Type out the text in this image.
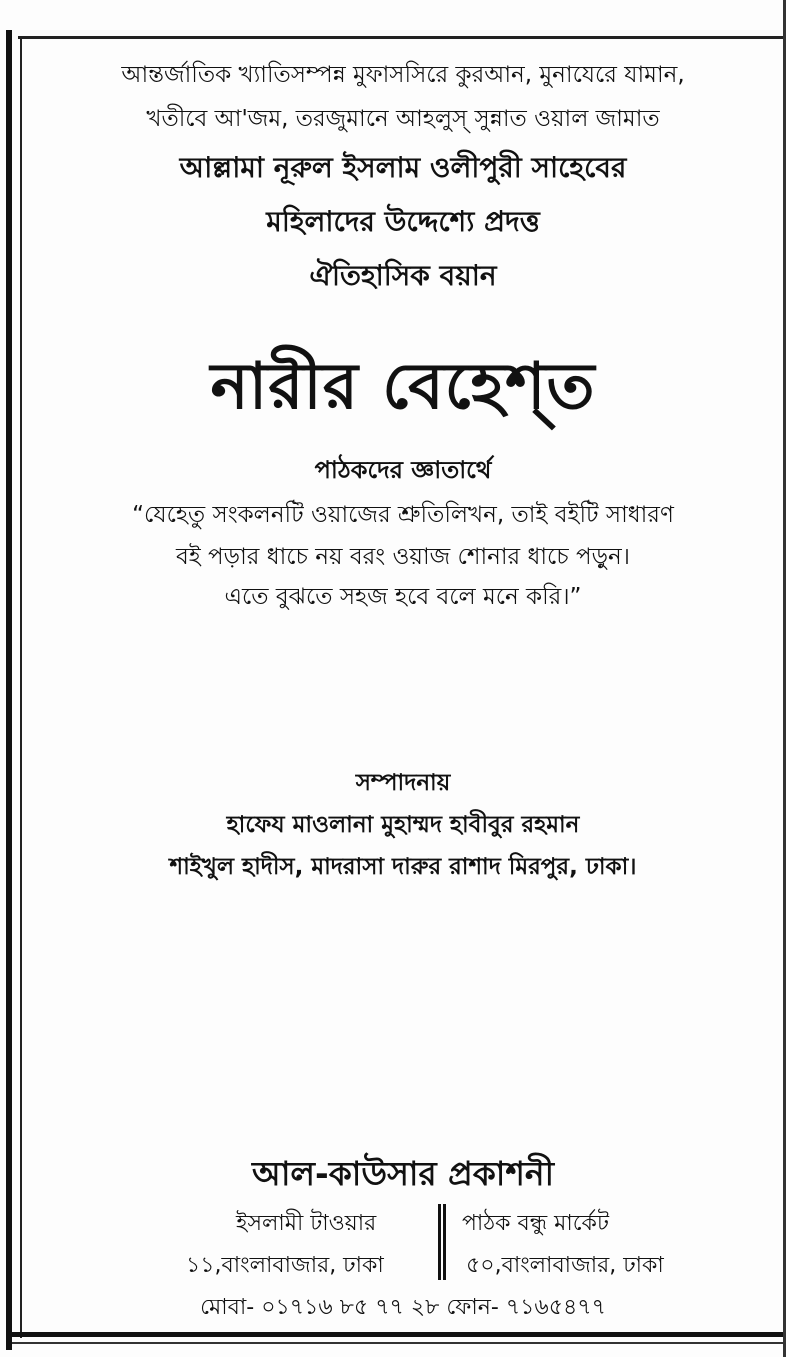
আন্তর্জাতিক খ্যাতিসম্পন্ন মুফাসসিরে কুরআন, মুনাযেরে যামান,
খতীবে আ'জম, তরজুমানে আহলুস্ সুন্নাত ওয়াল জামাত
আল্লামা নূরুল ইসলাম ওলীপুরী সাহেবের
মহিলাদের উদ্দেশ্যে প্রদত্ত
ঐতিহাসিক বয়ান
নারীর বেহেশ্‌ত
পাঠকদের জ্ঞাতার্থে
“যেহেতু সংকলনটি ওয়াজের শ্রুতিলিখন, তাই বইটি সাধারণ
বই পড়ার ধাচে নয় বরং ওয়াজ শোনার ধাচে পড়ুন।
এতে বুঝতে সহজ হবে বলে মনে করি।”
সম্পাদনায়
হাফেয মাওলানা মুহাম্মদ হাবীবুর রহমান
শাইখুল হাদীস, মাদরাসা দারুর রাশাদ মিরপুর, ঢাকা।
আল-কাউসার প্রকাশনী
ইসলামী টাওয়ার
১১,বাংলাবাজার, ঢাকা
পাঠক বন্ধু মার্কেট
৫০,বাংলাবাজার, ঢাকা
মোবা- ০১৭১৬ ৮৫ ৭৭ ২৮ ফোন- ৭১৬৫৪৭৭
